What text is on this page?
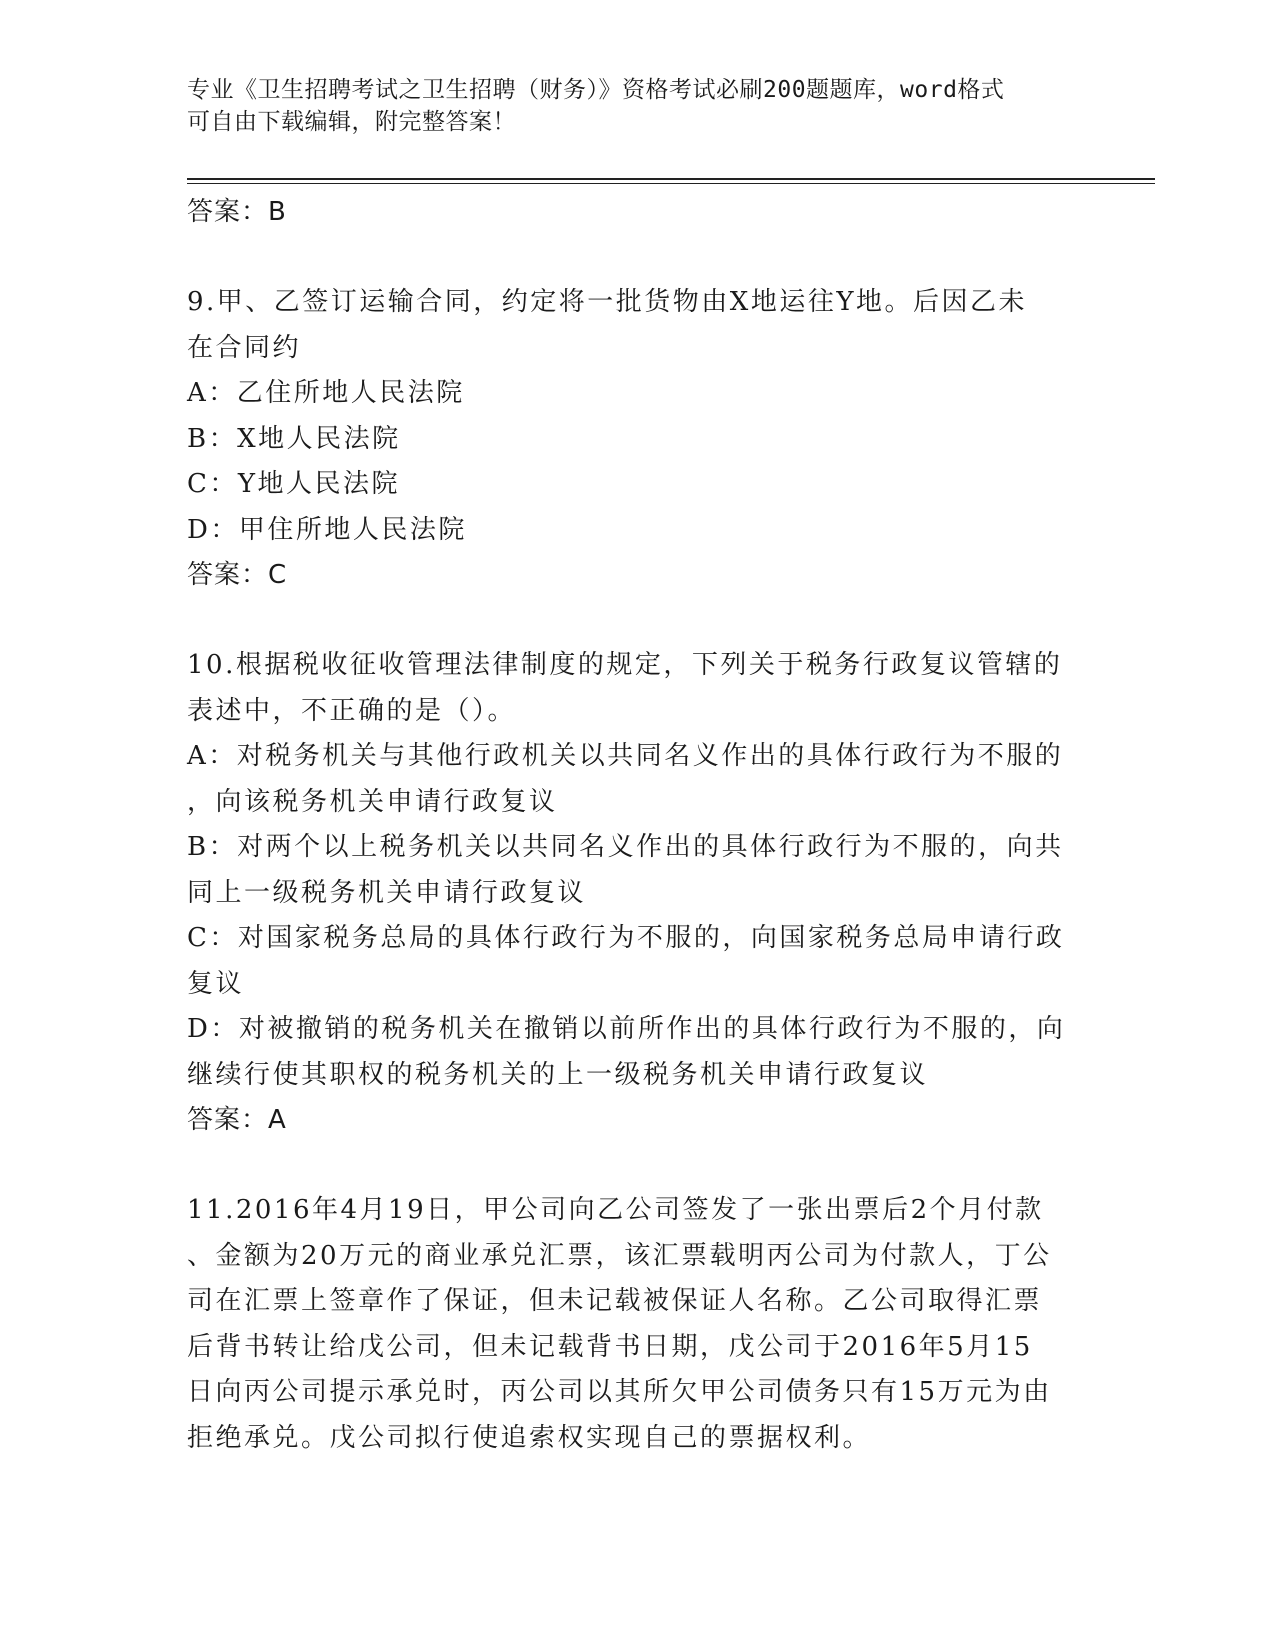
专业《卫生招聘考试之卫生招聘（财务）》资格考试必刷200题题库，word格式
可自由下载编辑，附完整答案！
答案：B
9.甲、乙签订运输合同，约定将一批货物由X地运往Y地。后因乙未
在合同约
A：乙住所地人民法院
B：X地人民法院
C：Y地人民法院
D：甲住所地人民法院
答案：C
10.根据税收征收管理法律制度的规定，下列关于税务行政复议管辖的
表述中，不正确的是（）。
A：对税务机关与其他行政机关以共同名义作出的具体行政行为不服的
，向该税务机关申请行政复议
B：对两个以上税务机关以共同名义作出的具体行政行为不服的，向共
同上一级税务机关申请行政复议
C：对国家税务总局的具体行政行为不服的，向国家税务总局申请行政
复议
D：对被撤销的税务机关在撤销以前所作出的具体行政行为不服的，向
继续行使其职权的税务机关的上一级税务机关申请行政复议
答案：A
11.2016年4月19日，甲公司向乙公司签发了一张出票后2个月付款
、金额为20万元的商业承兑汇票，该汇票载明丙公司为付款人，丁公
司在汇票上签章作了保证，但未记载被保证人名称。乙公司取得汇票
后背书转让给戊公司，但未记载背书日期，戊公司于2016年5月15
日向丙公司提示承兑时，丙公司以其所欠甲公司债务只有15万元为由
拒绝承兑。戊公司拟行使追索权实现自己的票据权利。
